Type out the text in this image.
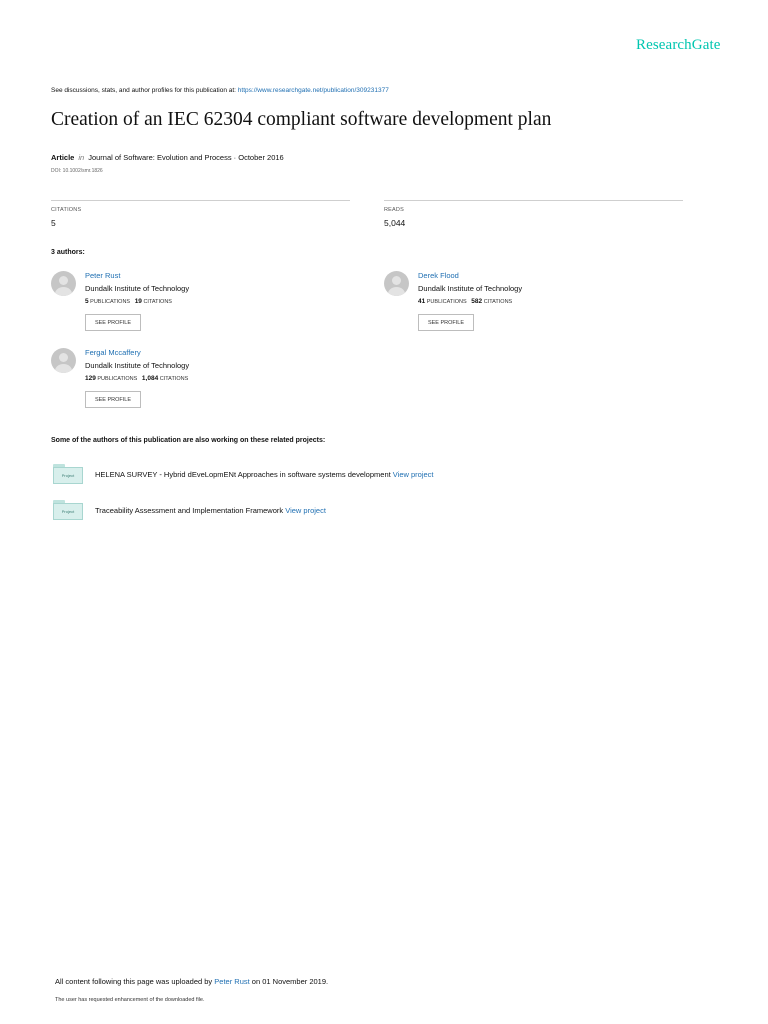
ResearchGate
See discussions, stats, and author profiles for this publication at: https://www.researchgate.net/publication/309231377
Creation of an IEC 62304 compliant software development plan
Article in Journal of Software: Evolution and Process · October 2016
DOI: 10.1002/smr.1826
CITATIONS
5
READS
5,044
3 authors:
Peter Rust
Dundalk Institute of Technology
5 PUBLICATIONS 19 CITATIONS
SEE PROFILE
Derek Flood
Dundalk Institute of Technology
41 PUBLICATIONS 582 CITATIONS
SEE PROFILE
Fergal Mccaffery
Dundalk Institute of Technology
129 PUBLICATIONS 1,084 CITATIONS
SEE PROFILE
Some of the authors of this publication are also working on these related projects:
Project	HELENA SURVEY - Hybrid dEveLopmENt Approaches in software systems development View project
Project	Traceability Assessment and Implementation Framework View project
All content following this page was uploaded by Peter Rust on 01 November 2019.
The user has requested enhancement of the downloaded file.
